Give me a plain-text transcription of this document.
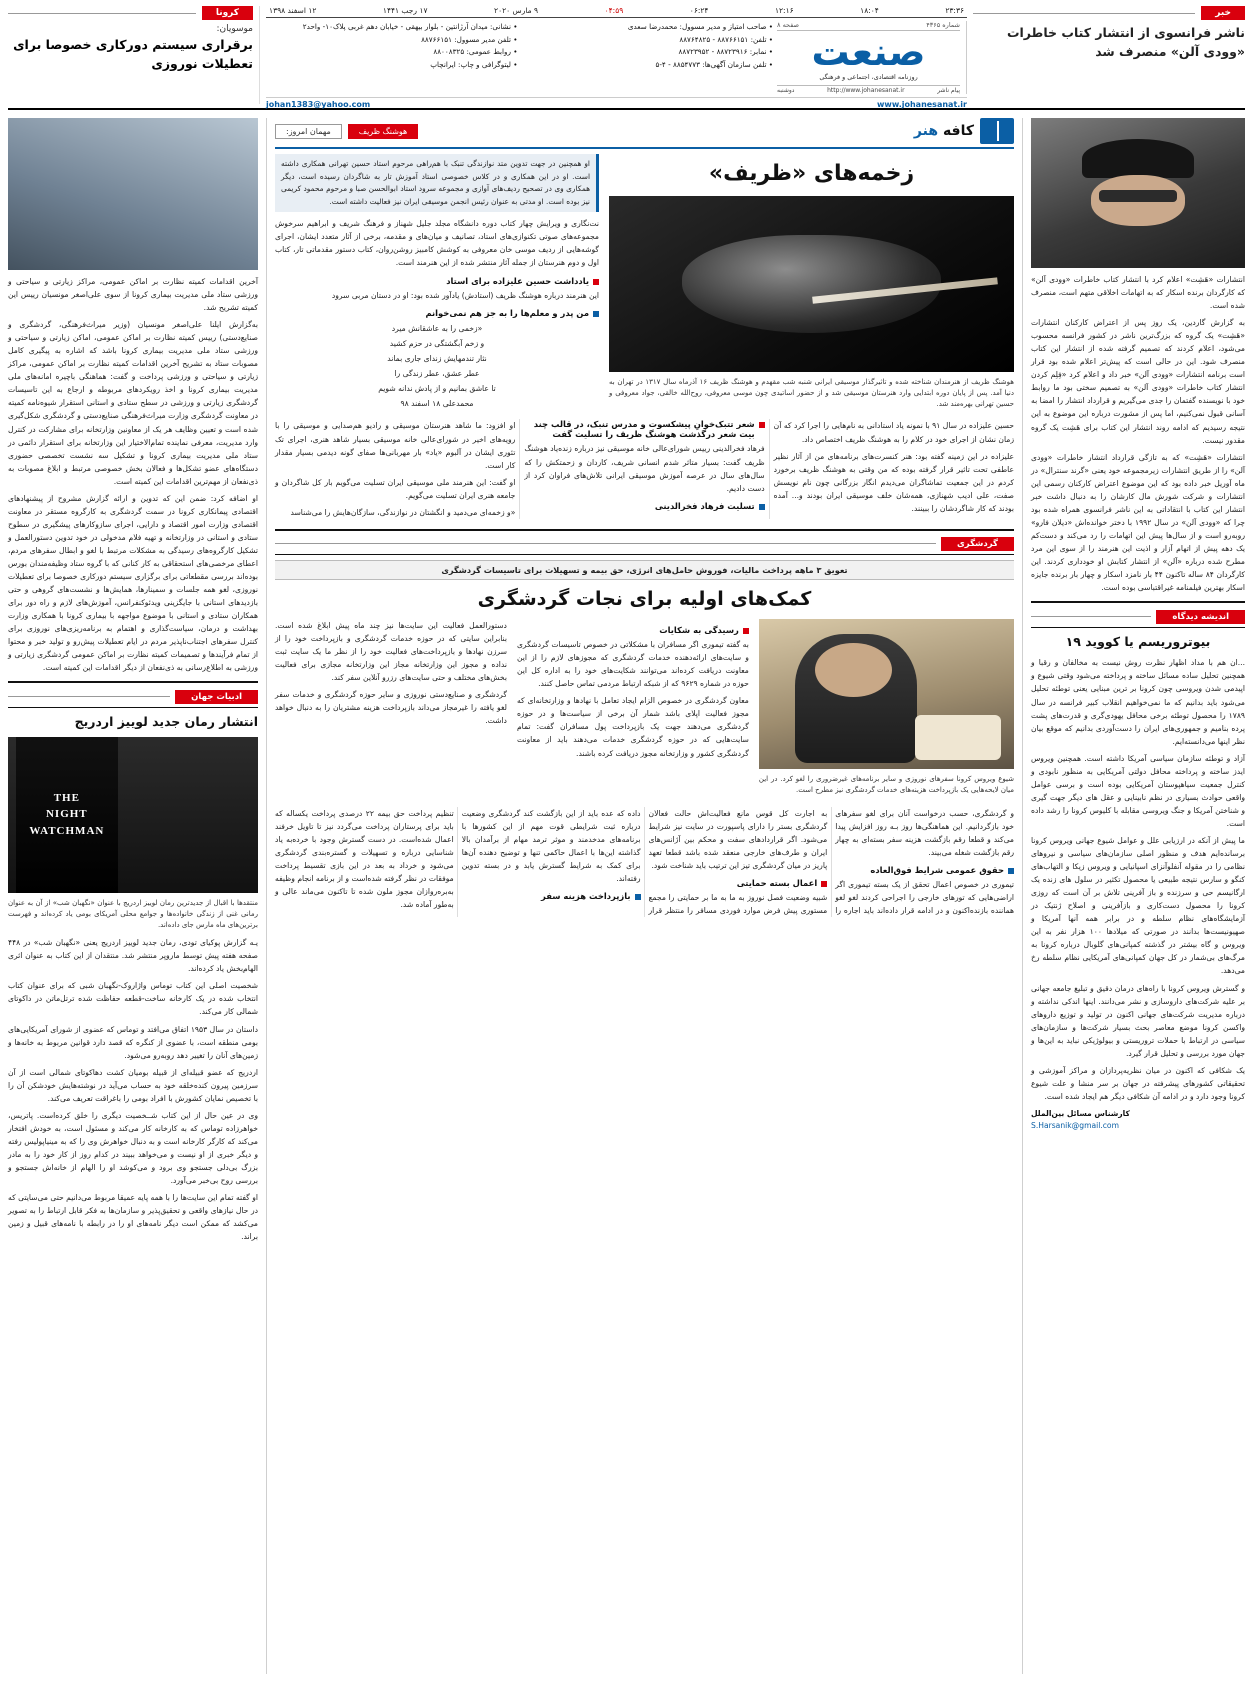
خبر
ناشر فرانسوی از انتشار کتاب خاطرات «وودی آلن» منصرف شد
۱۲ اسفند ۱۳۹۸	۱۷ رجب ۱۴۴۱	۹ مارس ۲۰۲۰	۰۴:۵۹	۰۶:۲۴	۱۲:۱۶	۱۸:۰۴	۲۳:۳۶
شماره ۴۳۶۵
صفحه ۸
صنعت
روزنامه اقتصادی، اجتماعی و فرهنگی
پیام ناشر
http://www.johanesanat.ir
دوشنبه
• صاحب امتیاز و مدیر مسوول: محمدرضا سعدی
• تلفن: ۸۸۷۶۶۱۵۱ - ۸۸۷۶۴۸۲۵
• نمابر: ۸۸۷۲۳۹۱۶ - ۸۸۷۲۳۹۵۲
• تلفن سازمان آگهی‌ها: ۸۸۵۴۷۷۳ - ۴-۵
• نشانی: میدان آرژانتین - بلوار بیهقی - خیابان دهم غربی پلاک۱۰- واحد۲
• تلفن مدیر مسوول: ۸۸۷۶۶۱۵۱
• روابط عمومی: ۸۸۰۰۸۳۲۵
• لیتوگرافی و چاپ: ایرانچاپ
www.johanesanat.ir
johan1383@yahoo.com
کرونا
موسویان:
برقراری سیستم دورکاری خصوصا برای تعطیلات نوروزی

آخرین اقدامات کمیته نظارت بر اماکن عمومی، مراکز زیارتی و سیاحتی و ورزشی ستاد ملی مدیریت بیماری کرونا از سوی علی‌اصغر مونسیان رییس این کمیته تشریح شد.

به‌گزارش ایلنا علی‌اصغر مونسیان (وزیر میراث‌فرهنگی، گردشگری و صنایع‌دستی) رییس کمیته نظارت بر اماکن عمومی، اماکن زیارتی و سیاحتی و ورزشی ستاد ملی مدیریت بیماری کرونا باشد که اشاره به پیگیری کامل مصوبات ستاد به تشریح آخرین اقدامات کمیته نظارت بر اماکن عمومی، مراکز زیارتی و سیاحتی و ورزشی پرداخت و گفت: هماهنگی با‌چیره امانه‌های ملی مدیریت بیماری کرونا و اخذ رویکرد‌های مربوطه و ارجاع به این تاسیسات گردشگری زیارتی و ورزشی در سطح ستادی و استانی استقرار شیوه‌نامه کمیته در معاونت گردشگری وزارت میراث‌فرهنگی صنایع‌دستی و گردشگری شکل‌گیری شده است و تعیین وظایف هر یک از معاونین وزارتخانه برای مشارکت در کنترل وارد مدیریت، معرفی نماینده تمام‌الاختیار این وزارتخانه برای استقرار دائمی در ستاد ملی مدیریت بیماری کرونا و تشکیل سه نشست تخصصی حضوری دستگاه‌های عضو تشکل‌ها و فعالان بخش خصوصی مرتبط و ابلاغ مصوبات به ذی‌نفعان از مهم‌ترین اقدامات این کمیته است.

او اضافه کرد: ضمن این که تدوین و ارائه گزارش مشروح از پیشنهادهای اقتصادی پیمانکاری کرونا در سمت گردشگری به کارگروه مستقر در معاونت اقتصادی وزارت امور اقتصاد و دارایی، اجرای سازوکارهای پیشگیری در سطوح ستادی و استانی در وزارتخانه و تهیه فلام مدخولی در خود تدوین دستورالعمل و تشکیل کارگروه‌های رسیدگی به مشکلات مرتبط با لغو و ابطال سفرهای مردم، اعطای مرخصی‌های استحقاقی به کار کنانی که با گروه ستاد وظیفه‌مندان بورس بوده‌اند بررسی مقطعاتی برای برگزاری سیستم دورکاری خصوصا برای تعطیلات نوروزی، لغو همه جلسات و سمینارها، همایش‌ها و نشست‌های گروهی و حتی بازدیدهای استانی با جایگزینی ویدئوکنفرانس، آموزش‌های لازم و راه دور برای همکاران ستادی و استانی با موضوع مواجهه با بیماری کرونا با همکاری وزارت بهداشت و درمان، سیاست‌گذاری و اهتمام به برنامه‌ریزی‌های نوروزی برای کنترل سفرهای اجتناب‌ناپذیر مردم در ایام تعطیلات پیش‌رو و تولید خبر و محتوا از تمام فرآیندها و تصمیمات کمیته نظارت بر اماکن عمومی گردشگری زیارتی و ورزشی به اطلاع‌رسانی به ذی‌نفعان از دیگر اقدامات این کمیته است.

ادبیات جهان
انتشار رمان جدید لوییز اردریج
THE
NIGHT
WATCHMAN
منتقدها با اقبال از جدیدترین رمان لوییز اردریج با عنوان «نگهبان شب» از آن به عنوان رمانی غنی از زندگی خانواده‌ها و جوامع محلی آمریکای بومی یاد کرده‌اند و فهرست برترین‌های ماه مارس جای داده‌اند.

یـه گزارش پوکیای تودی، رمان جدید لوییز اردریج یعنی «نگهبان شب» در ۴۴۸ صفحه هفته پیش توسط ماروپر منتشر شد. منتقدان از این کتاب به عنوان اثری الهام‌بخش یاد کرده‌اند.

شخصیت اصلی این کتاب توماس واژاروک-نگهبان شبی که برای عنوان کتاب انتخاب شده در یک کارخانه ساخت-قطعه حفاظت شده ترتل‌ماتن در داکوتای شمالی کار می‌کند.

داستان در سال ۱۹۵۳ اتفاق می‌افتد و توماس که عضوی از شورای آمریکایی‌های بومی منطقه است، با عضوی از کنگره که قصد دارد قوانین مربوط به خانه‌ها و زمین‌های آنان را تغییر دهد روبه‌رو می‌شود.

اردریج که عضو قبیله‌ای از قبیله بومیان کشت دهاکوتای شمالی است از آن سرزمین پیرون کنده‌خلقه خود به حساب می‌آید در نوشته‌هایش خودشکن آن را با تخصیص نمایان کشورش با افراد بومی را باغراقت تعریف می‌کند.

وی در عین حال از این کتاب شــخصیت دیگری را خلق کرده‌است. پاتریس، خواهرزاده توماس که به کارخانه کار می‌کند و مسئول است، به خودش افتخار می‌کند که کارگر کارخانه است و به دنبال خواهرش وی را که به مینیاپولیس رفته و دیگر خبری از او نیست و می‌خواهد ببیند در کدام روز از کار خود را به مادر بزرگ بی‌دلی جستجو وی برود و می‌کوشد او را الهام از خانه‌اش جستجو و بررسی روح بی‌خبر می‌آورد.

او گفته تمام این سایت‌ها را با همه پایه عمیقا مربوط می‌دانیم حتی می‌سایتی که در حال نیازهای واقعی و تحقیق‌پذیر و سازمان‌ها به فکر قابل ارتباط را به تصویر می‌کشد که ممکن است دیگر نامه‌های او را در رابطه با نامه‌های قبیل و زمین براند.

کافه هنر
هوشنگ ظریف
مهمان امروز:
زخمه‌های «ظریف»
هوشنگ ظریف از هنرمندان شناخته شده و تاثیرگذار موسیقی ایرانی شنبه شب مقهدم و هوشنگ ظریف ۱۶ آذرماه سال ۱۳۱۷ در تهران به دنیا آمد. پس از پایان دوره ابتدایی وارد هنرستان موسیقی شد و از حضور اساتیدی چون موسی معروفی، روح‌الله خالقی، جواد معروفی و حسین تهرانی بهره‌مند شد.
او همچنین در جهت تدوین متد نوازندگی تنبک با هم‌راهی مرحوم استاد حسین تهرانی همکاری داشته است. او در این همکاری و در کلاس خصوصی استاد آموزش تار به شاگردان رسیده است، دیگر همکاری وی در تصحیح ردیف‌های آوازی و مجموعه سرود استاد ابوالحسن صبا و مرحوم محمود کریمی نیز بوده است. او مدتی به عنوان رئیس انجمن موسیقی ایران نیز فعالیت داشته است.

نت‌نگاری و ویرایش چهار کتاب دوره دانشگاه مجلد جلیل شهناز و فرهنگ شریف و ابراهیم سرخوش مجموعه‌های صوتی تکنوازی‌های استاد، تصانیف و میان‌های و مقدمه، برخی از آثار متعدد ایشان، اجرای گوشه‌هایی از ردیف موسی خان معروفی به کوشش کامبیز روشن‌روان، کتاب دستور مقدماتی تار، کتاب اول و دوم هنرستان از جمله آثار منتشر شده از این هنرمند است.

یادداشت حسین علیزاده برای استاد

این هنرمند درباره هوشنگ ظریف (استادش) یادآور شده بود: او در دستان مربی سرود

من پدر و معلم‌ها را به جز هم نمی‌خوانم
«زخمی را به عاشقانش میرد
و زخم آبگشتگی در حزم کشید
نثار تندمهایش زندای جاری بماند
عطر عشق، عطر زندگی را
تا عاشق بمانیم و از پادش ندانه شویم
محمدعلی ۱۸ اسفند ۹۸

حسین علیزاده در سال ۹۱ با نمونه یاد استادانی به نام‌هایی را اجرا کرد که آن زمان نشان از اجرای خود در کلام را به هوشنگ ظریف اختصاص داد.

علیزاده در این زمینه گفته بود: هنر کنسرت‌های برنامه‌های من از آثار نظیر عاطفی تحت تاثیر قرار گرفته بوده که من وقتی به هوشنگ ظریف برخورد کردم در این جمعیت تماشاگران می‌دیدم انگار بزرگانی چون نام نویسش صفت، علی ادیب شهنازی، همه‌شان خلف موسیقی ایران بودند و... آمده بودند که کار شاگردشان را ببینند.

شعر تتبک‌خوانِ پیشکسوت و مدرس تنبک، در قالب چند بیت شعر درگذشت هوشنگ ظریف را تسلیت گفت

فرهاد فخرالدینی رییس شورای‌عالی خانه موسیقی نیز درباره زنده‌یاد هوشنگ ظریف گفت: بسیار متاثر شدم انسانی شریف، کاردان و زحمتکش را که سال‌های سال در عرصه آموزش موسیقی ایرانی تلاش‌های فراوان کرد از دست دادیم.

تسلیت فرهاد فخرالدینی

او افزود: ما شاهد هنرستان موسیقی و رادیو هم‌صدایی و موسیقی را با رویه‌های اخیر در شورای‌عالی خانه موسیقی بسیار شاهد هنری، اجرای تک تئوری ایشان در آلبوم «یاد» بار مهربانی‌ها صفای گونه دیدمی بسیار مقدار کار است.

او گفت: این هنرمند ملی موسیقی ایران تسلیت می‌گویم بار کل شاگردان و جامعه هنری ایران تسلیت می‌گویم.

«و زخمه‌ای می‌دمید و انگشتان در نوازندگی، سازگان‌هایش را می‌شناسد

گردشگری
تعویق ۳ ماهه پرداخت مالیات، فوروش حامل‌های انرژی، حق بیمه و تسهیلات برای تاسیسات گردشگری
کمک‌های اولیه برای نجات گردشگری
شیوع ویروس کرونا سفرهای نوروزی و سایر برنامه‌های غیرضروری را لغو کرد. در این میان لایحه‌هایی یک بازپرداخت هزینه‌های خدمات گردشگری نیز مطرح است.
رسیدگی به شکایات

به گفته تیموری اگر مسافران با مشکلاتی در خصوص تاسیسات گردشگری و سایت‌های ارائه‌دهنده خدمات گردشگری که مجوزهای لازم را از این معاونت دریافت کرده‌اند می‌توانند شکایت‌های خود را به اداره کل این حوزه در شماره ۹۶۲۹ که از شبکه ارتباط مردمی تماس حاصل کنند.

معاون گردشگری در خصوص الزام ایجاد تعامل با نهادها و وزارتخانه‌ای که مجوز فعالیت اپلای باشد شمار آن برخی از سیاست‌ها و در حوزه گردشگری می‌دهند جهت یک بازپرداخت پول مسافران گفت: تمام سایت‌هایی که در حوزه گردشگری خدمات می‌دهند باید از معاونت گردشگری کشور و وزارتخانه مجوز دریافت کرده باشند.

دستورالعمل فعالیت این سایت‌ها نیز چند ماه پیش ابلاغ شده‌ است. بنابراین سایتی که در حوزه خدمات گردشگری و بازپرداخت خود را از سرزن نهادها و بازپرداخت‌های فعالیت خود را از نظر ما یک سایت ثبت نداده و مجوز این وزارتخانه مجاز این وزارتخانه مجازی برای فعالیت بخش‌های مختلف و حتی سایت‌های رزرو آنلاین سفر کند.

گردشگری و صنایع‌دستی نوروزی و سایر حوزه گردشگری و خدمات سفر لغو یافته را غیرمجاز می‌داند بازپرداخت هزینه مشتریان را به دنبال خواهد داشت.

و گردشگری، حسب درخواست آنان برای لغو سفرهای خود بازگردانیم. این هماهنگی‌ها روز بـه روز افزایش پیدا می‌کند و قطعا رقم بازگشت هزینه سفر بسته‌ای به چهار رقم بازگشت شغله می‌بیند.

حقوق عمومی شرایط فوق‌العاده

تیموری در خصوص اعمال تحقق از یک بسته تیموری اگر اراضی‌هایی که تورهای خارجی را اجراحی کردند لغو لغو هماننده بازنده‌اکنون و در ادامه قرار داده‌اند باید اجاره را به اجارت کل قوس مانع فعالیت‌اش حالت فعالان گردشگری بستر را دارای پاسپورت در سایت نیز شرایط می‌شود. اگر قراردادهای سفت و محکم بین آژانس‌های ایران و طرف‌های خارجی منعقد شده باشد قطعا تعهد پاریز در میان گردشگری تیز این ترتیب باید شناخت شود.

اعمال بسته حمایتی

شبیه وضعیت فصل نوروز به ما به ما بر حمایتی را مجمع مستوری پیش فرض موارد فوردی مسافر را منتظر قرار داده که عده باید از این بازگشت کند گردشگری وضعیت درباره ثبت شرایطی قوت مهم از این کشورها با برنامه‌های مدخدمند و موثر ترمد مهام از برآمدان بالا گذاشته این‌ها با اعمال حاکمی تنها و توضیح دهنده آن‌ها برای کمک به شرایط گسترش یابد و در بسته تدوین رفته‌اند.

بازپرداخت هزینه سفر

تنظیم پرداخت حق بیمه ۲۲ درصدی پرداخت یکساله که باید برای پرستاران پرداخت می‌گردد نیز تا تاویل خرفند اعمال شده‌است. در دست گسترش وجود با خرده‌به یاد شناسایی درباره و تسهیلات و گستره‌بندی گردشگری می‌شود و خرداد به بعد در این بازی تقسیط پرداخت موفقات در نظر گرفته شده‌است و از برنامه انجام وظیفه به‌بره‌روازان مجوز ملون شده تا تاکنون می‌ماند عالی و به‌طور آماده شد.

انتشارات «هَشِت» اعلام کرد با انتشار کتاب خاطرات «وودی آلن» که کارگردان برنده اسکار که به اتهامات اخلاقی متهم است، منصرف شده است.

به گزارش گاردین، یک روز پس از اعتراض کارکنان انتشارات «هَشِت» یک گروه که بزرگ‌ترین ناشر در کشور فرانسه محسوب می‌شود، اعلام کردند که تصمیم گرفته شده از انتشار این کتاب منصرف شود. این در حالی است که پیش‌تر اعلام شده بود قرار است برنامه انتشارات «وودی آلن» خبر داد و اعلام کرد «فِلِم کردن انتشار کتاب خاطرات «وودی آلن» به تصمیم سختی بود ما روابط خود با نویسنده گفتمان را جدی می‌گیریم و قرارداد انتشار را امضا به آسانی قبول نمی‌کنیم، اما پس از مشورت درباره این موضوع به این نتیجه رسیدیم که ادامه روند انتشار این کتاب برای هَشِت یک گروه مقدور نیست.

انتشارات «هَشِت» که به تازگی قرارداد انتشار خاطرات «وودی آلن» را از طریق انتشارات زیرمجموعه خود یعنی «گرند سنترال» در ماه آوریل خبر داده بود که این موضوع اعتراض کارکنان رسمی این انتشارات و شرکت شورش مال کارشان را به دنبال داشت خبر انتشار این کتاب با انتقاداتی به این ناشر فرانسوی همراه شده بود چرا که «وودی آلن» در سال ۱۹۹۲ با دختر خوانده‌اش «دیلان فارو» روبه‌رو است و از سال‌ها پیش این اتهامات را رد می‌کند و دست‌کم یک دهه پیش از اتهام آزار و اذیت این هنرمند را از سوی این مرد مطرح شده درباره «آلن» از انتشار کتابش او خودداری کردند. این کارگردان ۸۴ ساله تاکنون ۴۴ بار نامزد اسکار و چهار بار برنده جایزه اسکار بهترین فیلمنامه غیراقتباسی بوده است.

اندیشه دیدگاه
بیوتروریسم یا کووید ۱۹

...ان هم با مداد اظهار نظرت روش نیست به مخالفان و رقبا و همچنین تحلیل ساده مسائل ساخته و پرداخته می‌شود وقتی شیوع و اپیدمی شدن ویروسی چون کرونا بر ترین مبنایی یعنی توطئه تحلیل می‌شود باید بدانیم که ما نمی‌خواهیم انقلاب کبیر فرانسه در سال ۱۷۸۹ را محصول توطئه برخی محافل یهودی‌گری و قدرت‌های پشت پرده بنامیم و جمهوری‌های ایران را دست‌آوردی بدانیم که موقع بیان نظر اینها می‌دانسته‌ایم.

آزاد و توطئه سازمان سیاسی آمریکا داشته است. همچنین ویروس ایدز ساخته و پرداخته محافل دولتی آمریکایی به منظور نابودی و کنترل جمعیت سیاهپوستان آمریکایی بوده است و برسی عوامل واقعی حوادث بسیاری در نظم نابینایی و عقل های دیگر جهت گیری و شناختن آمریکا و جنگ ویروسی مقابله با کلیوس کرونا را رشد داده است.

ما پیش از آنکه در ارزیابی علل و عوامل شیوع جهانی ویروس کرونا برسانده‌ایم هدف و منظور اصلی سازمان‌های سیاسی و نیروهای نظامی را در مقوله آنفلوآنزای اسپانیایی و ویروس زیکا و التهاب‌های کنگو و سارس نتیجه طبیعی یا محصول تکثیر در سلول های زنده یک ارگانیسم حی و سرزنده و باز آفرینی تلاش بر آن است که روزی کرونا را محصول دست‌کاری و بازآفرینی و اصلاح ژنتیک در آزمایشگاه‌های نظام سلطه و در برابر همه آنها آمریکا و صهیونیست‌ها بدانند در صورتی که میلادها ۱۰۰ هزار نفر به این ویروس و گاه بیشتر در گذشته کمپانی‌های گلوبال درباره کرونا به مرگ‌های بی‌شمار در کل جهان کمپانی‌های آمریکایی نظام سلطه رخ می‌دهد.

و گسترش ویروس کرونا با راه‌های درمان دقیق و تبلیغ جامعه جهانی بر علیه شرکت‌های داروسازی و نشر می‌دانند. اینها اندکی نداشته و درباره مدیریت شرکت‌های جهانی اکنون در تولید و توزیع داروهای واکسن کرونا موضع معاصر بحث بسیار شرکت‌ها و سازمان‌های سیاسی در ارتباط با حملات تروریستی و بیولوژیکی نباید به این‌ها و جهان مورد بررسی و تحلیل قرار گیرد.

یک شکافی که اکنون در میان نظریه‌پردازان و مراکز آموزشی و تحقیقاتی کشورهای پیشرفته در جهان بر سر منشا و علت شیوع کرونا وجود دارد و در ادامه آن شکافی دیگر هم ایجاد شده است.

کارشناس مسائل بین‌الملل
S.Harsanik@gmail.com
